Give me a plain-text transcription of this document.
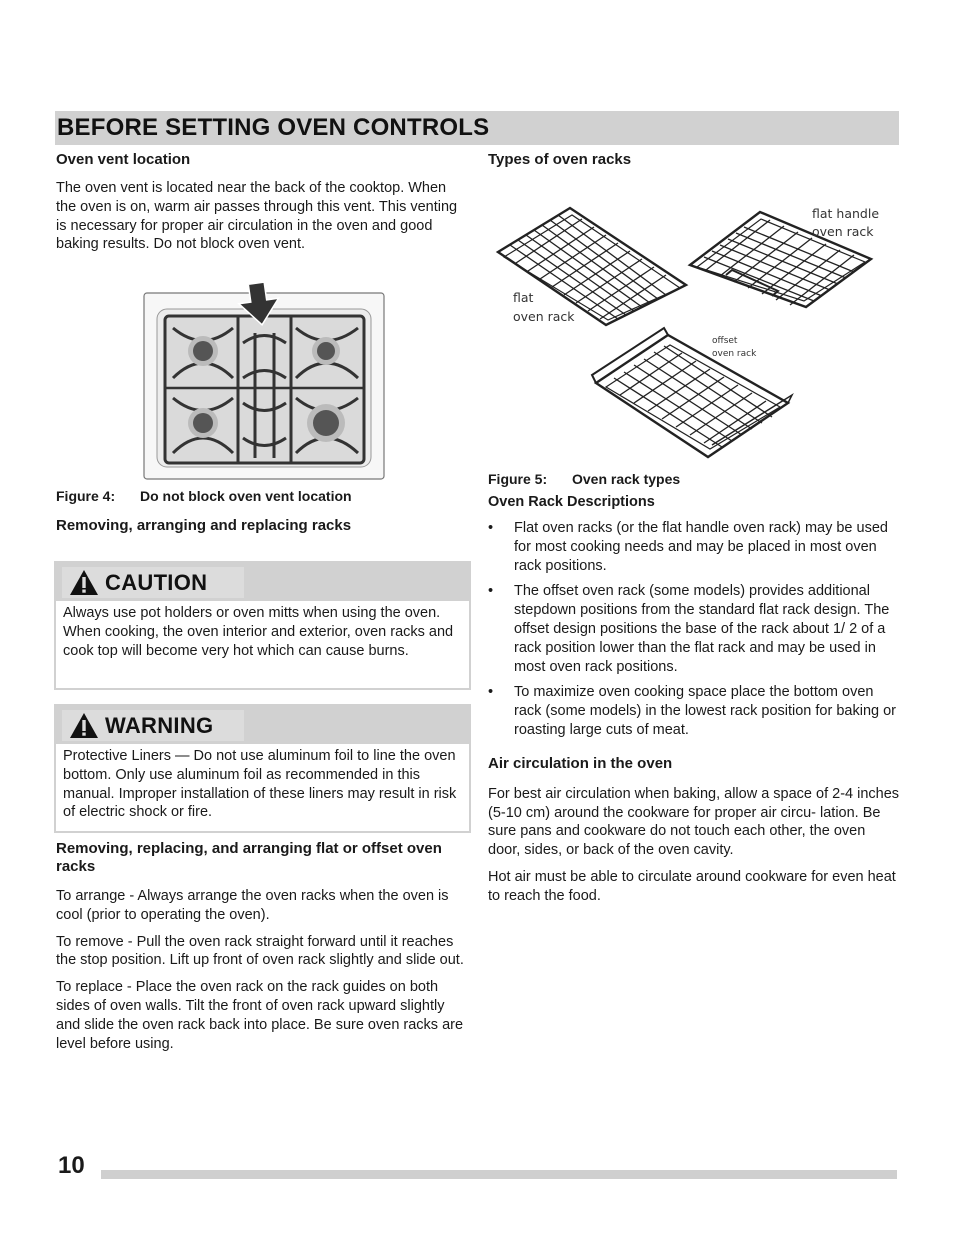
BEFORE SETTING OVEN CONTROLS
Oven vent location

The oven vent is located near the back of the cooktop. When the oven is on, warm air passes through this vent. This venting is necessary for proper air circulation in the oven and good baking results. Do not block oven vent.

Figure 4: Do not block oven vent location
Removing, arranging and replacing racks
CAUTION
Always use pot holders or oven mitts when using the oven. When cooking, the oven interior and exterior, oven racks and cook top will become very hot which can cause burns.
WARNING
Protective Liners — Do not use aluminum foil to line the oven bottom. Only use aluminum foil as recommended in this manual. Improper installation of these liners may result in risk of electric shock or fire.
Removing, replacing, and arranging flat or offset oven racks

To arrange - Always arrange the oven racks when the oven is cool (prior to operating the oven).

To remove - Pull the oven rack straight forward until it reaches the stop position. Lift up front of oven rack slightly and slide out.

To replace - Place the oven rack on the rack guides on both sides of oven walls. Tilt the front of oven rack upward slightly and slide the oven rack back into place. Be sure oven racks are level before using.

Types of oven racks
flat
oven rack
flat handle
oven rack
offset
oven rack
Figure 5: Oven rack types
Oven Rack Descriptions
• Flat oven racks (or the flat handle oven rack) may be used for most cooking needs and may be placed in most oven rack positions.
• The offset oven rack (some models) provides additional stepdown positions from the standard flat rack design. The offset design positions the base of the rack about 1/ 2 of a rack position lower than the flat rack and may be used in most oven rack positions.
• To maximize oven cooking space place the bottom oven rack (some models) in the lowest rack position for baking or roasting large cuts of meat.
Air circulation in the oven

For best air circulation when baking, allow a space of 2-4 inches (5-10 cm) around the cookware for proper air circu- lation. Be sure pans and cookware do not touch each other, the oven door, sides, or back of the oven cavity.

Hot air must be able to circulate around cookware for even heat to reach the food.

10
